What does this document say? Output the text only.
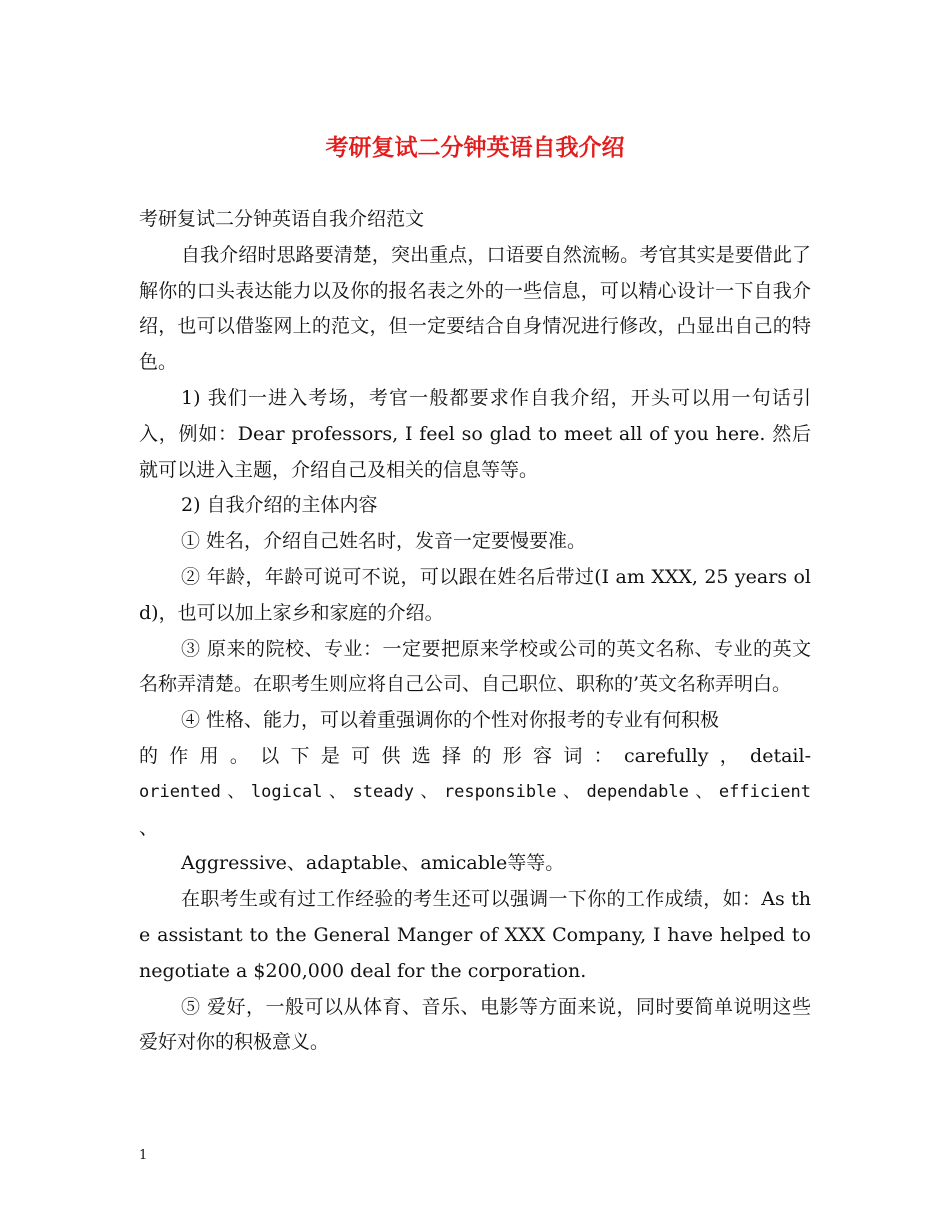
考研复试二分钟英语自我介绍

考研复试二分钟英语自我介绍范文

自我介绍时思路要清楚，突出重点，口语要自然流畅。考官其实是要借此了解你的口头表达能力以及你的报名表之外的一些信息，可以精心设计一下自我介绍，也可以借鉴网上的范文，但一定要结合自身情况进行修改，凸显出自己的特色。

1) 我们一进入考场，考官一般都要求作自我介绍，开头可以用一句话引入，例如：Dear professors, I feel so glad to meet all of you here. 然后就可以进入主题，介绍自己及相关的信息等等。

2) 自我介绍的主体内容

① 姓名，介绍自己姓名时，发音一定要慢要准。

② 年龄，年龄可说可不说，可以跟在姓名后带过(I am XXX, 25 years old)，也可以加上家乡和家庭的介绍。

③ 原来的院校、专业：一定要把原来学校或公司的英文名称、专业的英文名称弄清楚。在职考生则应将自己公司、自己职位、职称的’英文名称弄明白。

④ 性格、能力，可以着重强调你的个性对你报考的专业有何积极

的作用。以下是可供选择的形容词：carefully，detail-

oriented、logical、steady、responsible、dependable、efficient

、

Aggressive、adaptable、amicable等等。

在职考生或有过工作经验的考生还可以强调一下你的工作成绩，如：As the assistant to the General Manger of XXX Company, I have helped to negotiate a $200,000 deal for the corporation.

⑤ 爱好，一般可以从体育、音乐、电影等方面来说，同时要简单说明这些爱好对你的积极意义。

1
